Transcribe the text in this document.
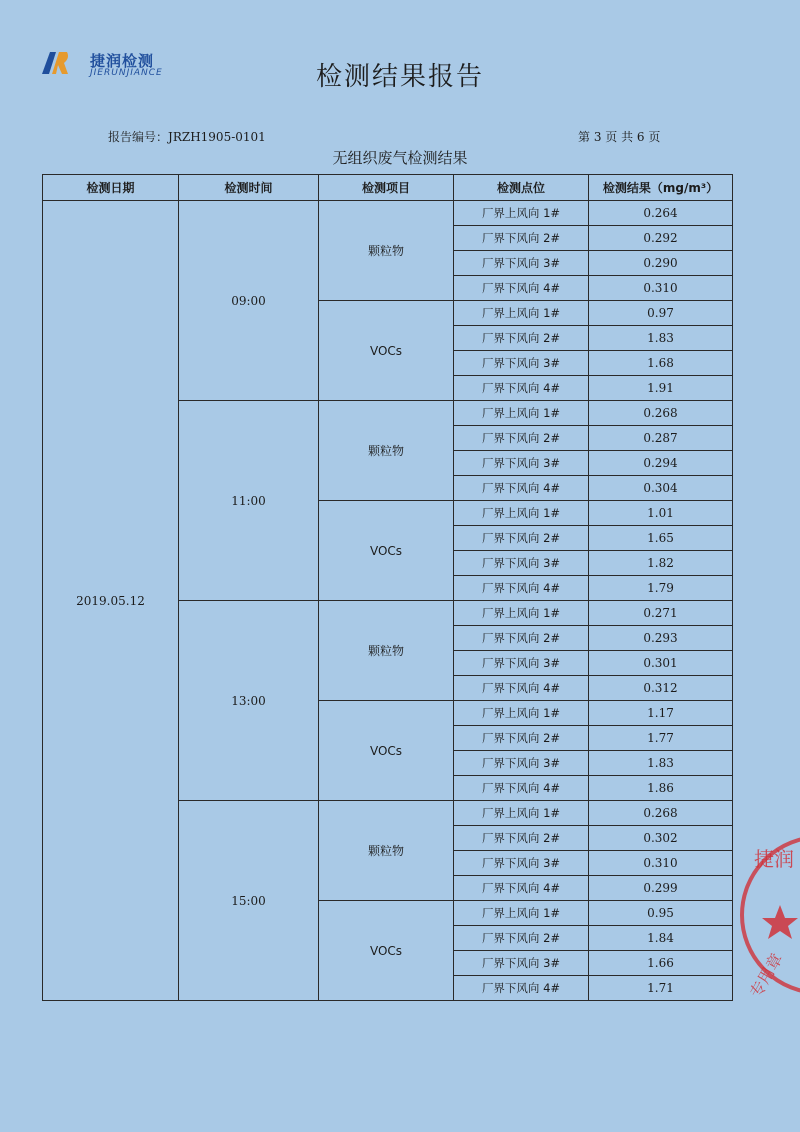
捷润检测
JIERUNJIANCE	检测结果报告
报告编号：JRZH1905-0101	第 3 页 共 6 页
无组织废气检测结果
检测日期	检测时间	检测项目	检测点位	检测结果（mg/m³）
2019.05.12	09:00	颗粒物	厂界上风向 1#	0.264
			厂界下风向 2#	0.292
			厂界下风向 3#	0.290
			厂界下风向 4#	0.310
		VOCs	厂界上风向 1#	0.97
			厂界下风向 2#	1.83
			厂界下风向 3#	1.68
			厂界下风向 4#	1.91
	11:00	颗粒物	厂界上风向 1#	0.268
			厂界下风向 2#	0.287
			厂界下风向 3#	0.294
			厂界下风向 4#	0.304
		VOCs	厂界上风向 1#	1.01
			厂界下风向 2#	1.65
			厂界下风向 3#	1.82
			厂界下风向 4#	1.79
	13:00	颗粒物	厂界上风向 1#	0.271
			厂界下风向 2#	0.293
			厂界下风向 3#	0.301
			厂界下风向 4#	0.312
		VOCs	厂界上风向 1#	1.17
			厂界下风向 2#	1.77
			厂界下风向 3#	1.83
			厂界下风向 4#	1.86
	15:00	颗粒物	厂界上风向 1#	0.268
			厂界下风向 2#	0.302
			厂界下风向 3#	0.310
			厂界下风向 4#	0.299
		VOCs	厂界上风向 1#	0.95
			厂界下风向 2#	1.84
			厂界下风向 3#	1.66
			厂界下风向 4#	1.71
捷润
专用章
